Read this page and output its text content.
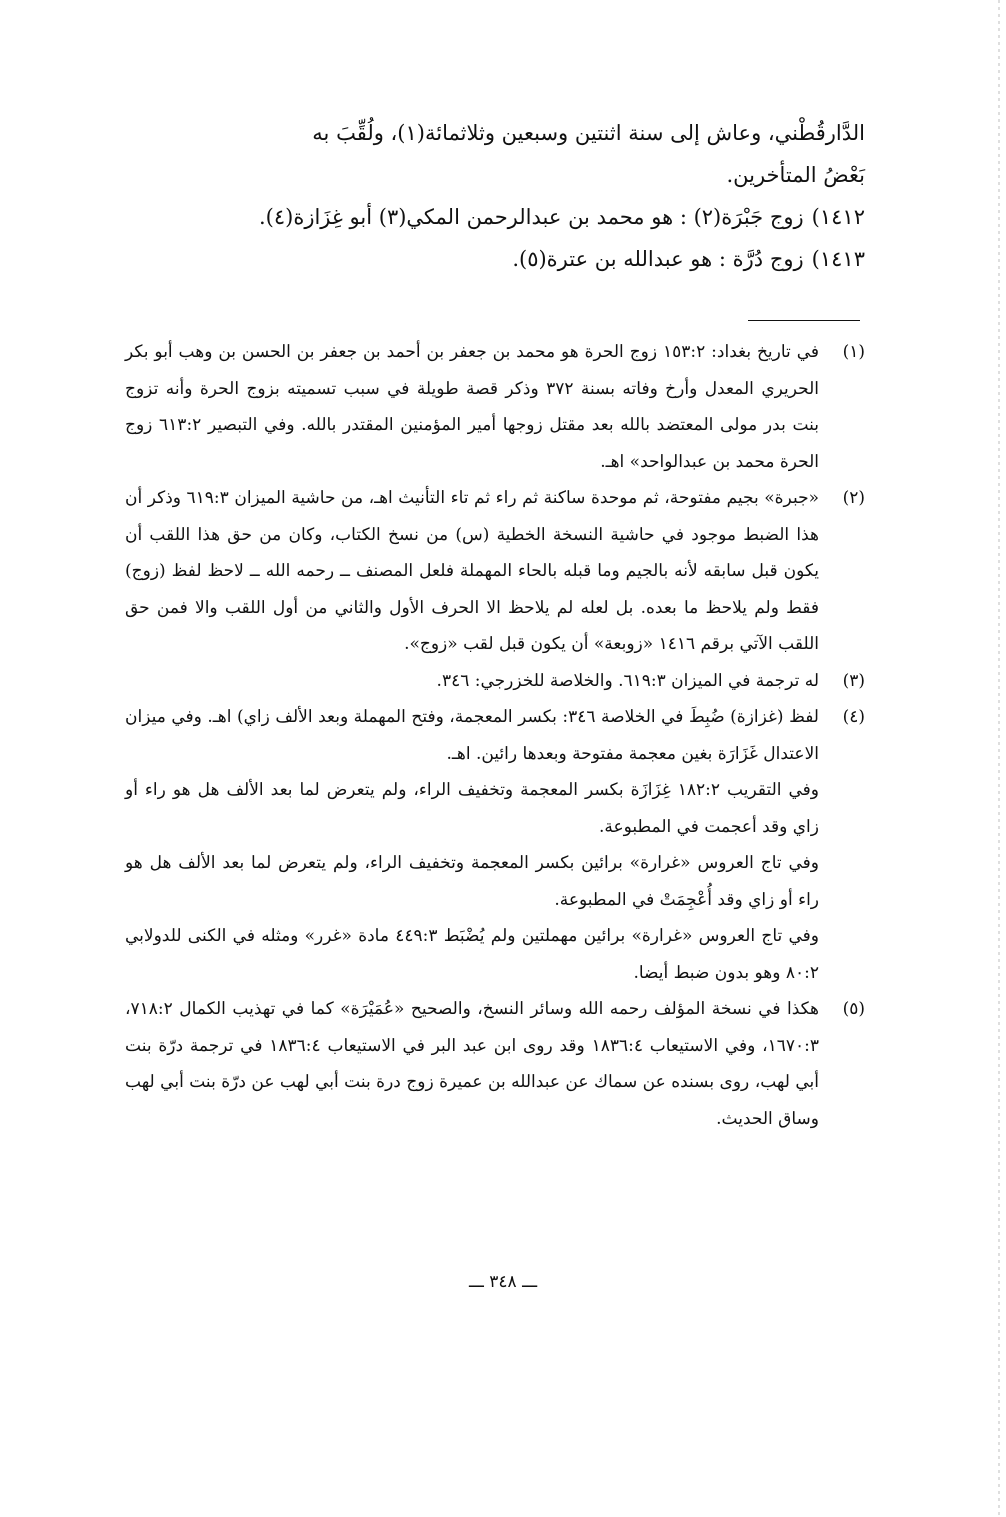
الدَّارقُطْني، وعاش إلى سنة اثنتين وسبعين وثلاثمائة(١)، ولُقِّبَ به

بَعْضُ المتأخرين.

١٤١٢)
زوج جَبْرَة(٢) : هو محمد بن عبدالرحمن المكي(٣) أبو غِزَازة(٤).
١٤١٣)
زوج دُرَّة : هو عبدالله بن عترة(٥).
(١)

في تاريخ بغداد: ١٥٣:٢ زوج الحرة هو محمد بن جعفر بن أحمد بن جعفر بن الحسن بن وهب أبو بكر الحريري المعدل وأرخ وفاته بسنة ٣٧٢ وذكر قصة طويلة في سبب تسميته بزوج الحرة وأنه تزوج بنت بدر مولى المعتضد بالله بعد مقتل زوجها أمير المؤمنين المقتدر بالله. وفي التبصير ٦١٣:٢ زوج الحرة محمد بن عبدالواحد» اهـ.

(٢)

«جبرة» بجيم مفتوحة، ثم موحدة ساكنة ثم راء ثم تاء التأنيث اهـ، من حاشية الميزان ٦١٩:٣ وذكر أن هذا الضبط موجود في حاشية النسخة الخطية (س) من نسخ الكتاب، وكان من حق هذا اللقب أن يكون قبل سابقه لأنه بالجيم وما قبله بالحاء المهملة فلعل المصنف ــ رحمه الله ــ لاحظ لفظ (زوج) فقط ولم يلاحظ ما بعده. بل لعله لم يلاحظ الا الحرف الأول والثاني من أول اللقب والا فمن حق اللقب الآتي برقم ١٤١٦ «زوبعة» أن يكون قبل لقب «زوج».

(٣)

له ترجمة في الميزان ٦١٩:٣. والخلاصة للخزرجي: ٣٤٦.

(٤)

لفظ (غزازة) ضُبِطَ في الخلاصة ٣٤٦: بكسر المعجمة، وفتح المهملة وبعد الألف زاي) اهـ. وفي ميزان الاعتدال غَزَارَة بغين معجمة مفتوحة وبعدها رائين. اهـ.

وفي التقريب ١٨٢:٢ غِزَازَة بكسر المعجمة وتخفيف الراء، ولم يتعرض لما بعد الألف هل هو راء أو زاي وقد أعجمت في المطبوعة.

وفي تاج العروس «غرارة» برائين بكسر المعجمة وتخفيف الراء، ولم يتعرض لما بعد الألف هل هو راء أو زاي وقد أُعْجِمَتْ في المطبوعة.

وفي تاج العروس «غرارة» برائين مهملتين ولم يُضْبَط ٤٤٩:٣ مادة «غرر» ومثله في الكنى للدولابي ٨٠:٢ وهو بدون ضبط أيضا.

(٥)

هكذا في نسخة المؤلف رحمه الله وسائر النسخ، والصحيح «عُمَيْرَة» كما في تهذيب الكمال ٧١٨:٢، ١٦٧٠:٣، وفي الاستيعاب ١٨٣٦:٤ وقد روى ابن عبد البر في الاستيعاب ١٨٣٦:٤ في ترجمة درّة بنت أبي لهب، روى بسنده عن سماك عن عبدالله بن عميرة زوج درة بنت أبي لهب عن درّة بنت أبي لهب وساق الحديث.

ـــ ٣٤٨ ـــ
